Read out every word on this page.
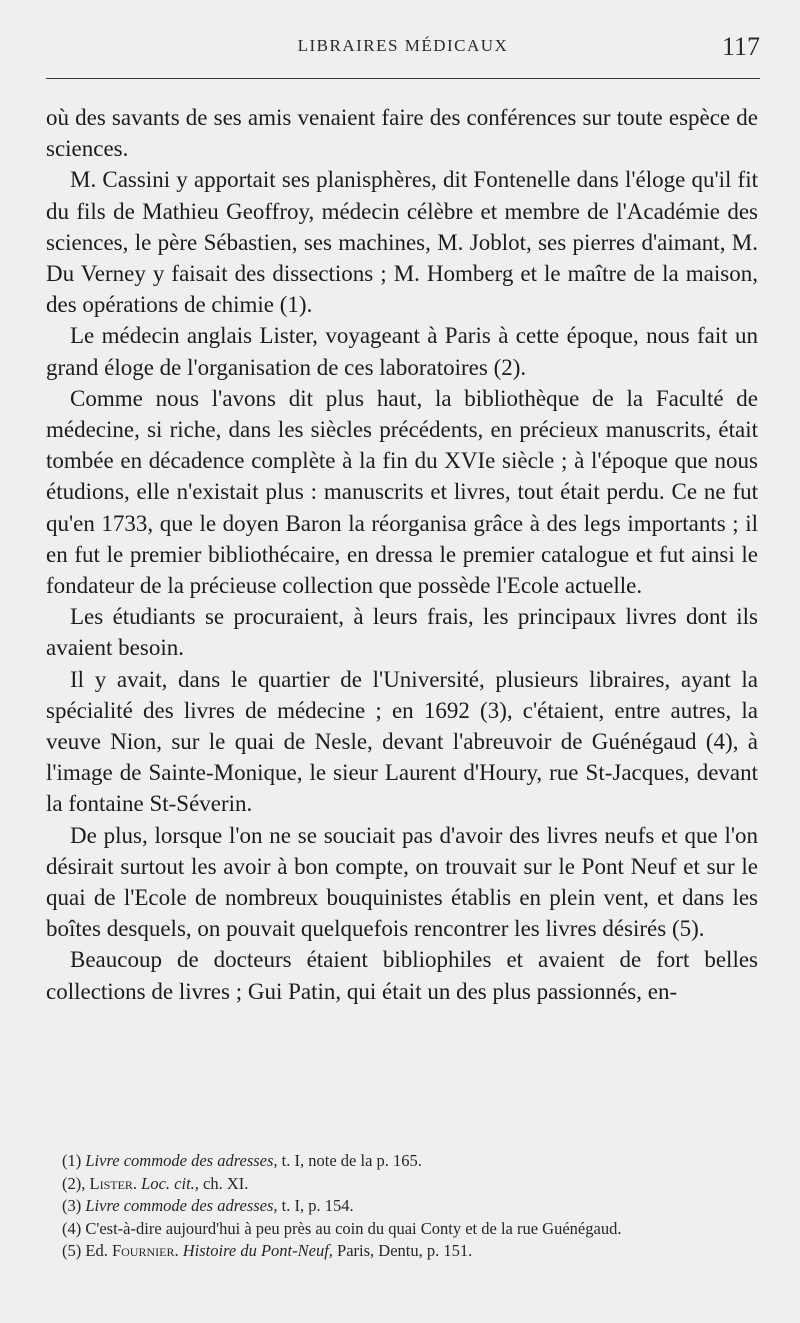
LIBRAIRES MÉDICAUX	117

où des savants de ses amis venaient faire des conférences sur toute espèce de sciences.

M. Cassini y apportait ses planisphères, dit Fontenelle dans l'éloge qu'il fit du fils de Mathieu Geoffroy, médecin célèbre et membre de l'Académie des sciences, le père Sébastien, ses machines, M. Joblot, ses pierres d'aimant, M. Du Verney y faisait des dissections ; M. Homberg et le maître de la maison, des opérations de chimie (1).

Le médecin anglais Lister, voyageant à Paris à cette époque, nous fait un grand éloge de l'organisation de ces laboratoires (2).

Comme nous l'avons dit plus haut, la bibliothèque de la Faculté de médecine, si riche, dans les siècles précédents, en précieux manuscrits, était tombée en décadence complète à la fin du XVIe siècle ; à l'époque que nous étudions, elle n'existait plus : manuscrits et livres, tout était perdu. Ce ne fut qu'en 1733, que le doyen Baron la réorganisa grâce à des legs importants ; il en fut le premier bibliothécaire, en dressa le premier catalogue et fut ainsi le fondateur de la précieuse collection que possède l'Ecole actuelle.

Les étudiants se procuraient, à leurs frais, les principaux livres dont ils avaient besoin.

Il y avait, dans le quartier de l'Université, plusieurs libraires, ayant la spécialité des livres de médecine ; en 1692 (3), c'étaient, entre autres, la veuve Nion, sur le quai de Nesle, devant l'abreuvoir de Guénégaud (4), à l'image de Sainte-Monique, le sieur Laurent d'Houry, rue St-Jacques, devant la fontaine St-Séverin.

De plus, lorsque l'on ne se souciait pas d'avoir des livres neufs et que l'on désirait surtout les avoir à bon compte, on trouvait sur le Pont Neuf et sur le quai de l'Ecole de nombreux bouquinistes établis en plein vent, et dans les boîtes desquels, on pouvait quelquefois rencontrer les livres désirés (5).

Beaucoup de docteurs étaient bibliophiles et avaient de fort belles collections de livres ; Gui Patin, qui était un des plus passionnés, en-

(1) Livre commode des adresses, t. I, note de la p. 165.

(2), Lister. Loc. cit., ch. XI.

(3) Livre commode des adresses, t. I, p. 154.

(4) C'est-à-dire aujourd'hui à peu près au coin du quai Conty et de la rue Guénégaud.

(5) Ed. Fournier. Histoire du Pont-Neuf, Paris, Dentu, p. 151.
